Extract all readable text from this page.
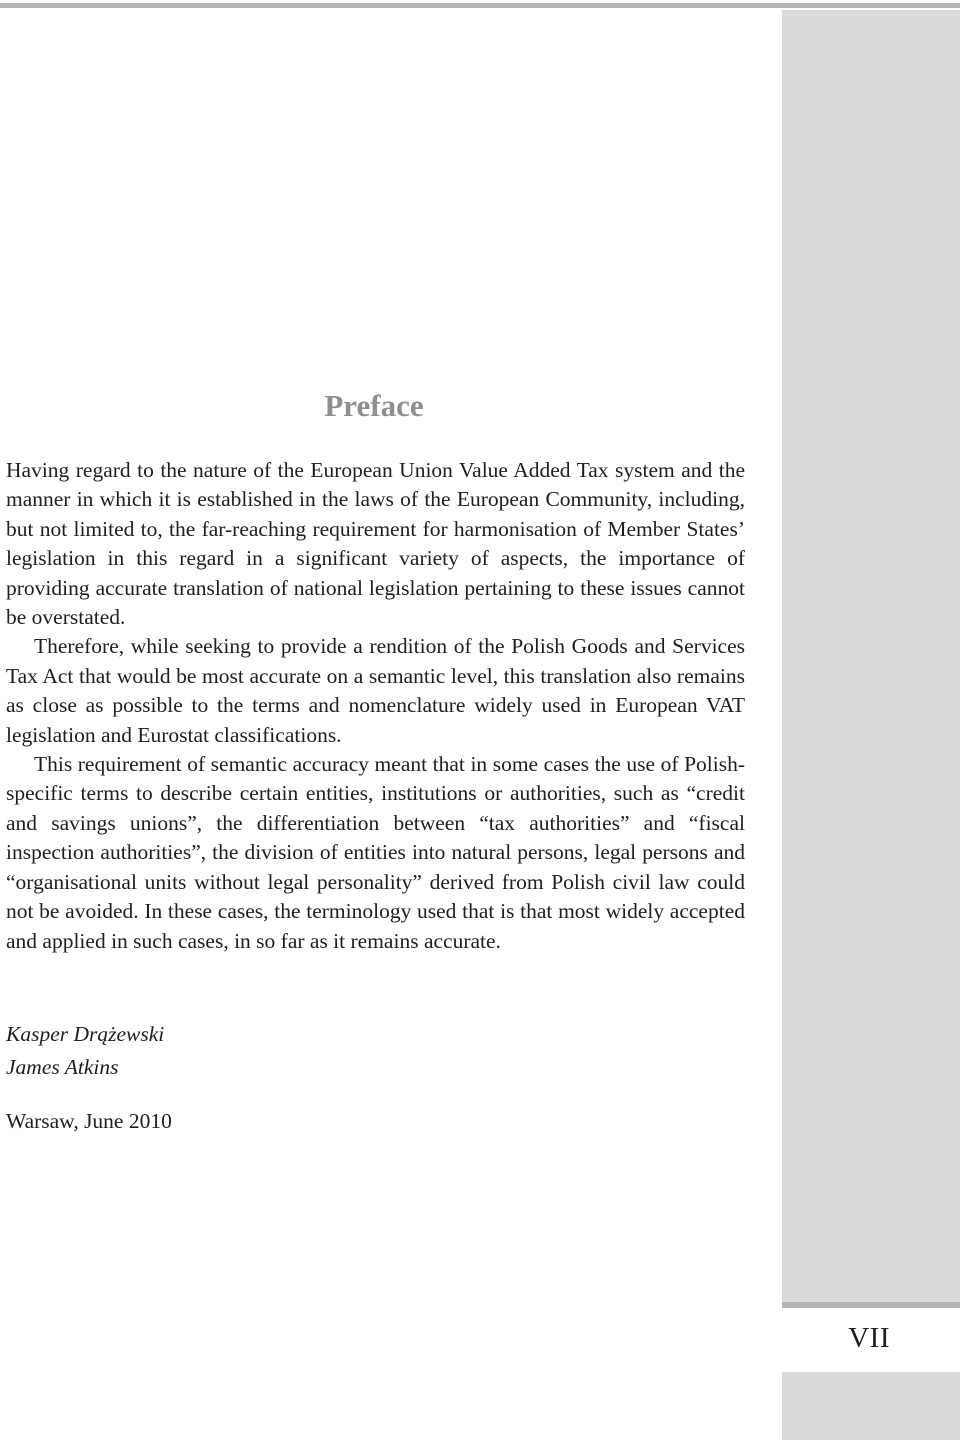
VII
Preface

Having regard to the nature of the European Union Value Added Tax system and the manner in which it is established in the laws of the European Community, including, but not limited to, the far-reaching requirement for harmonisation of Member States’ legislation in this regard in a significant variety of aspects, the importance of providing accurate translation of national legislation pertaining to these issues cannot be overstated.

Therefore, while seeking to provide a rendition of the Polish Goods and Services Tax Act that would be most accurate on a semantic level, this translation also remains as close as possible to the terms and nomenclature widely used in European VAT legislation and Eurostat classifications.

This requirement of semantic accuracy meant that in some cases the use of Polish-specific terms to describe certain entities, institutions or authorities, such as “credit and savings unions”, the differentiation between “tax authorities” and “fiscal inspection authorities”, the division of entities into natural persons, legal persons and “organisational units without legal personality” derived from Polish civil law could not be avoided. In these cases, the terminology used that is that most widely accepted and applied in such cases, in so far as it remains accurate.

Kasper Drążewski
James Atkins
Warsaw, June 2010
